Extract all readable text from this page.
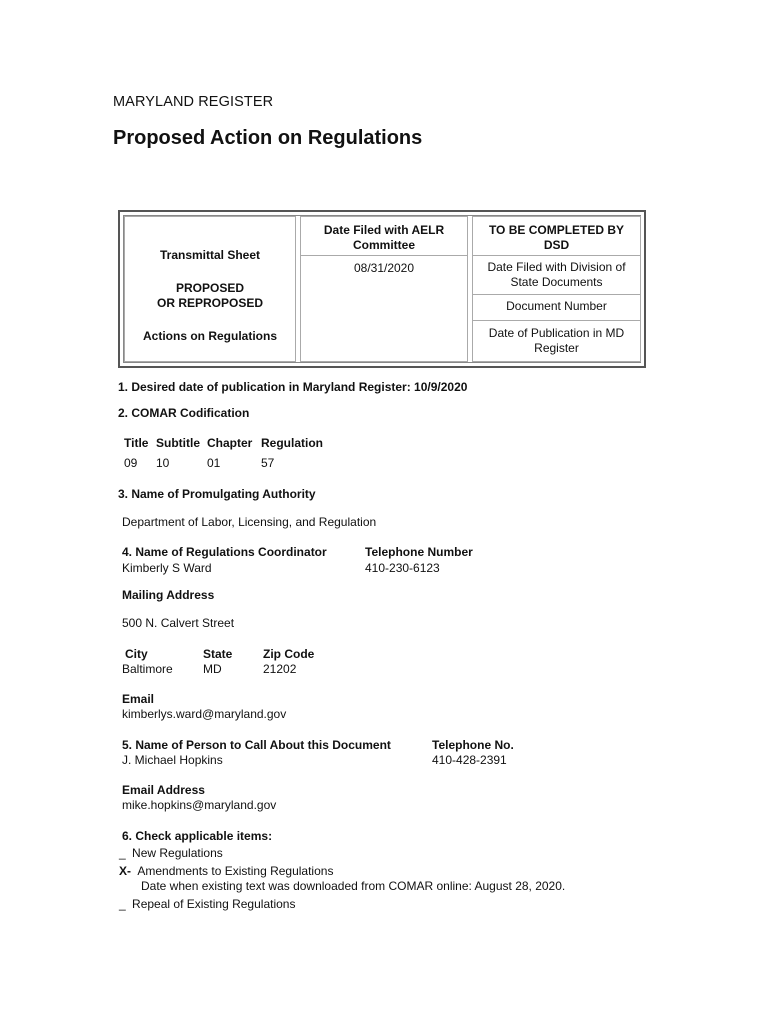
MARYLAND REGISTER
Proposed Action on Regulations
Transmittal Sheet
PROPOSED
OR REPROPOSED
Actions on Regulations
Date Filed with AELR
Committee
08/31/2020
TO BE COMPLETED BY
DSD
Date Filed with Division of
State Documents
Document Number
Date of Publication in MD
Register
1. Desired date of publication in Maryland Register: 10/9/2020
2. COMAR Codification
Title Subtitle Chapter Regulation
09 10	01	57
3. Name of Promulgating Authority
Department of Labor, Licensing, and Regulation
4. Name of Regulations Coordinator
Kimberly S Ward
Telephone Number
410-230-6123
Mailing Address
500 N. Calvert Street
City
Baltimore
State
MD
Zip Code
21202
Email
kimberlys.ward@maryland.gov
5. Name of Person to Call About this Document
J. Michael Hopkins
Telephone No.
410-428-2391
Email Address
mike.hopkins@maryland.gov
6. Check applicable items:
_ New Regulations
X- Amendments to Existing Regulations
Date when existing text was downloaded from COMAR online: August 28, 2020.
_ Repeal of Existing Regulations
